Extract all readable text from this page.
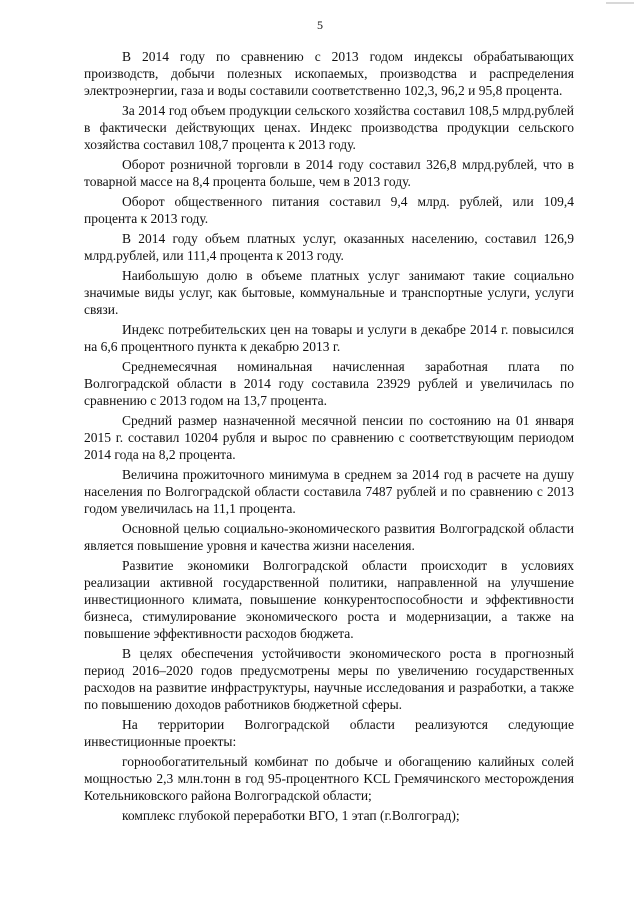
5

В 2014 году по сравнению с 2013 годом индексы обрабатывающих производств, добычи полезных ископаемых, производства и распределения электроэнергии, газа и воды составили соответственно 102,3, 96,2 и 95,8 процента.

За 2014 год объем продукции сельского хозяйства составил 108,5 млрд.рублей в фактически действующих ценах. Индекс производства продукции сельского хозяйства составил 108,7 процента к 2013 году.

Оборот розничной торговли в 2014 году составил 326,8 млрд.рублей, что в товарной массе на 8,4 процента больше, чем в 2013 году.

Оборот общественного питания составил 9,4 млрд. рублей, или 109,4 процента к 2013 году.

В 2014 году объем платных услуг, оказанных населению, составил 126,9 млрд.рублей, или 111,4 процента к 2013 году.

Наибольшую долю в объеме платных услуг занимают такие социально значимые виды услуг, как бытовые, коммунальные и транспортные услуги, услуги связи.

Индекс потребительских цен на товары и услуги в декабре 2014 г. повысился на 6,6 процентного пункта к декабрю 2013 г.

Среднемесячная номинальная начисленная заработная плата по Волгоградской области в 2014 году составила 23929 рублей и увеличилась по сравнению с 2013 годом на 13,7 процента.

Средний размер назначенной месячной пенсии по состоянию на 01 января 2015 г. составил 10204 рубля и вырос по сравнению с соответствующим периодом 2014 года на 8,2 процента.

Величина прожиточного минимума в среднем за 2014 год в расчете на душу населения по Волгоградской области составила 7487 рублей и по сравнению с 2013 годом увеличилась на 11,1 процента.

Основной целью социально-экономического развития Волгоградской области является повышение уровня и качества жизни населения.

Развитие экономики Волгоградской области происходит в условиях реализации активной государственной политики, направленной на улучшение инвестиционного климата, повышение конкурентоспособности и эффективности бизнеса, стимулирование экономического роста и модернизации, а также на повышение эффективности расходов бюджета.

В целях обеспечения устойчивости экономического роста в прогнозный период 2016–2020 годов предусмотрены меры по увеличению государственных расходов на развитие инфраструктуры, научные исследования и разработки, а также по повышению доходов работников бюджетной сферы.

На территории Волгоградской области реализуются следующие инвестиционные проекты:

горнообогатительный комбинат по добыче и обогащению калийных солей мощностью 2,3 млн.тонн в год 95-процентного KCL Гремячинского месторождения Котельниковского района Волгоградской области;

комплекс глубокой переработки ВГО, 1 этап (г.Волгоград);
